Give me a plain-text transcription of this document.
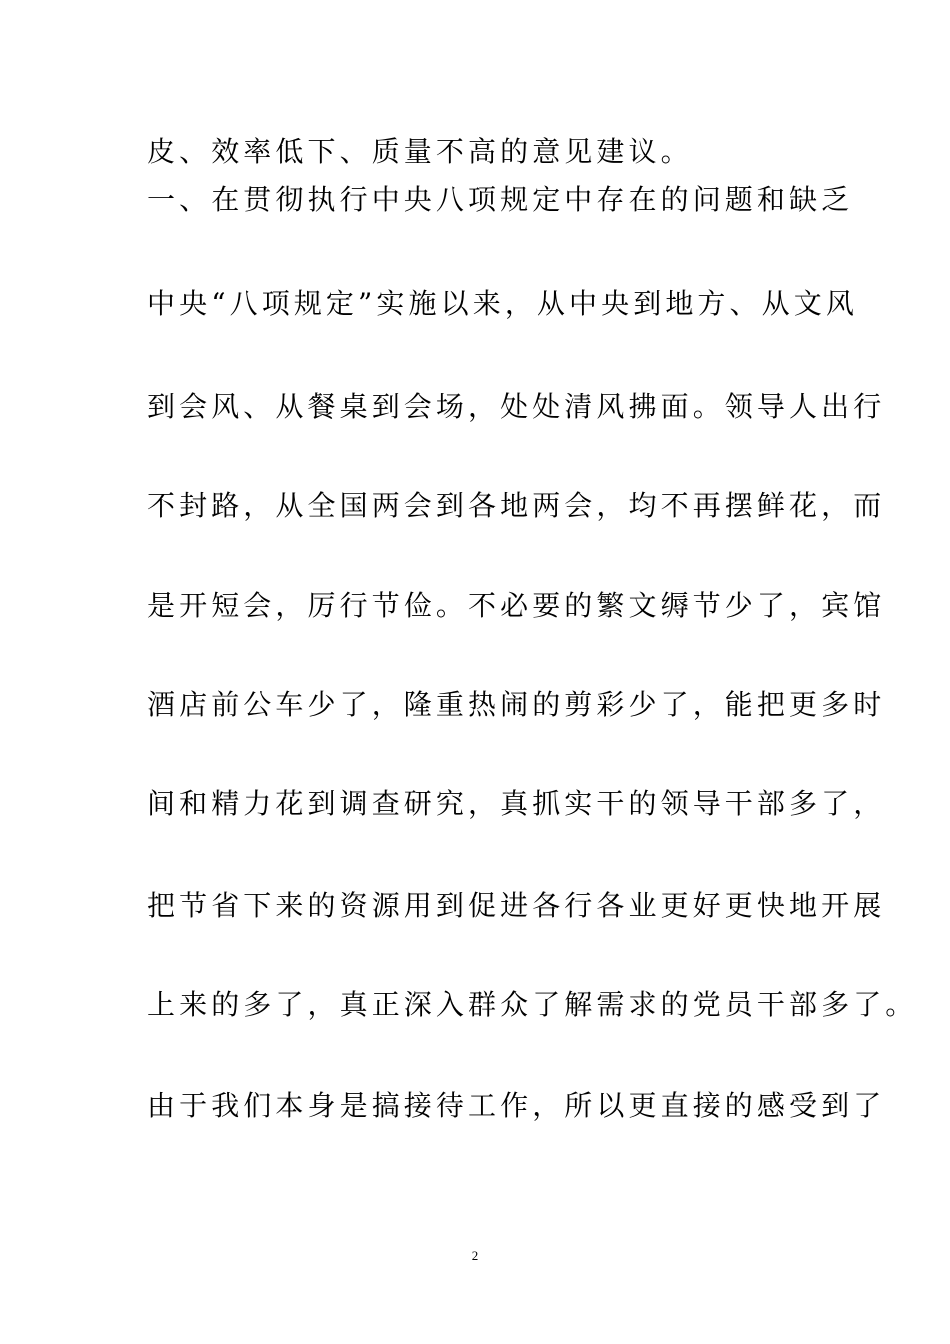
皮、效率低下、质量不高的意见建议。
一、在贯彻执行中央八项规定中存在的问题和缺乏
中央“八项规定”实施以来，从中央到地方、从文风
到会风、从餐桌到会场，处处清风拂面。领导人出行
不封路，从全国两会到各地两会，均不再摆鲜花，而
是开短会，厉行节俭。不必要的繁文缛节少了，宾馆
酒店前公车少了，隆重热闹的剪彩少了，能把更多时
间和精力花到调查研究，真抓实干的领导干部多了，
把节省下来的资源用到促进各行各业更好更快地开展
上来的多了，真正深入群众了解需求的党员干部多了。
由于我们本身是搞接待工作，所以更直接的感受到了
2
